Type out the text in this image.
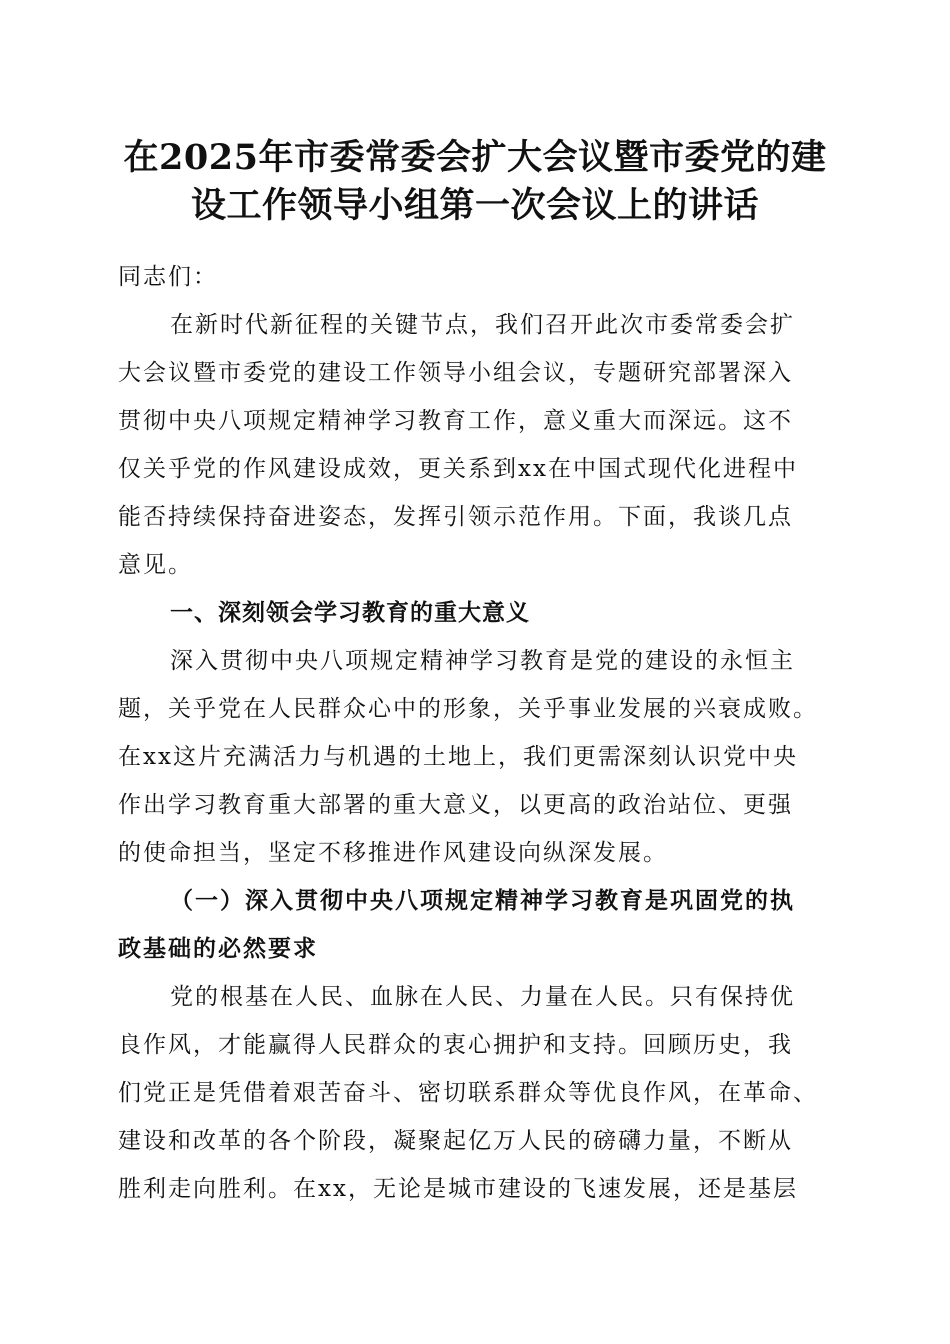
在2025年市委常委会扩大会议暨市委党的建
设工作领导小组第一次会议上的讲话
同志们：
在新时代新征程的关键节点，我们召开此次市委常委会扩
大会议暨市委党的建设工作领导小组会议，专题研究部署深入
贯彻中央八项规定精神学习教育工作，意义重大而深远。这不
仅关乎党的作风建设成效，更关系到xx在中国式现代化进程中
能否持续保持奋进姿态，发挥引领示范作用。下面，我谈几点
意见。
一、深刻领会学习教育的重大意义
深入贯彻中央八项规定精神学习教育是党的建设的永恒主
题，关乎党在人民群众心中的形象，关乎事业发展的兴衰成败。
在xx这片充满活力与机遇的土地上，我们更需深刻认识党中央
作出学习教育重大部署的重大意义，以更高的政治站位、更强
的使命担当，坚定不移推进作风建设向纵深发展。
（一）深入贯彻中央八项规定精神学习教育是巩固党的执
政基础的必然要求
党的根基在人民、血脉在人民、力量在人民。只有保持优
良作风，才能赢得人民群众的衷心拥护和支持。回顾历史，我
们党正是凭借着艰苦奋斗、密切联系群众等优良作风，在革命、
建设和改革的各个阶段，凝聚起亿万人民的磅礴力量，不断从
胜利走向胜利。在xx，无论是城市建设的飞速发展，还是基层
